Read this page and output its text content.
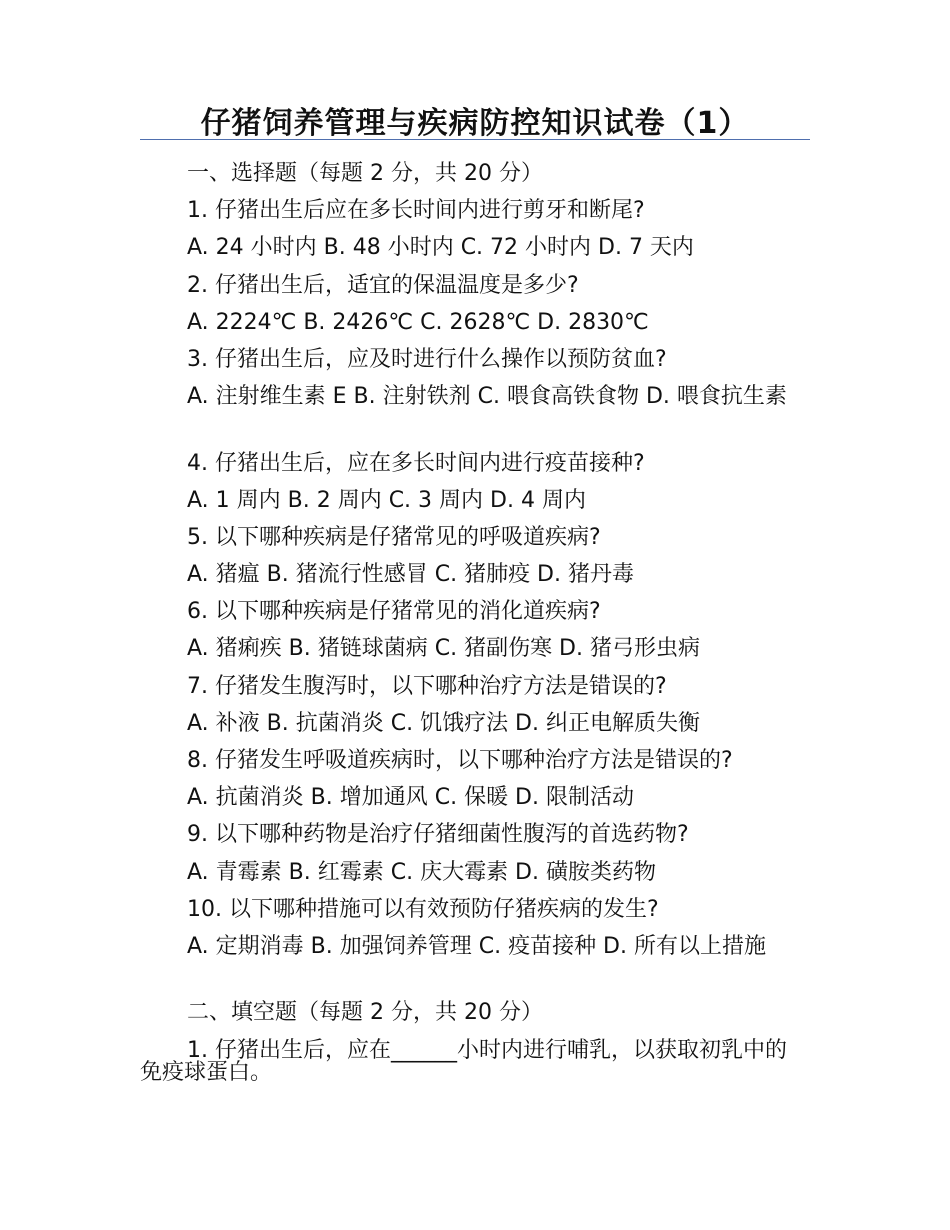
仔猪饲养管理与疾病防控知识试卷（1）

一、选择题（每题 2 分，共 20 分）

1. 仔猪出生后应在多长时间内进行剪牙和断尾?

A. 24 小时内 B. 48 小时内 C. 72 小时内 D. 7 天内

2. 仔猪出生后，适宜的保温温度是多少?

A. 2224℃ B. 2426℃ C. 2628℃ D. 2830℃

3. 仔猪出生后，应及时进行什么操作以预防贫血?

A. 注射维生素 E B. 注射铁剂 C. 喂食高铁食物 D. 喂食抗生素

4. 仔猪出生后，应在多长时间内进行疫苗接种?

A. 1 周内 B. 2 周内 C. 3 周内 D. 4 周内

5. 以下哪种疾病是仔猪常见的呼吸道疾病?

A. 猪瘟 B. 猪流行性感冒 C. 猪肺疫 D. 猪丹毒

6. 以下哪种疾病是仔猪常见的消化道疾病?

A. 猪痢疾 B. 猪链球菌病 C. 猪副伤寒 D. 猪弓形虫病

7. 仔猪发生腹泻时，以下哪种治疗方法是错误的?

A. 补液 B. 抗菌消炎 C. 饥饿疗法 D. 纠正电解质失衡

8. 仔猪发生呼吸道疾病时，以下哪种治疗方法是错误的?

A. 抗菌消炎 B. 增加通风 C. 保暖 D. 限制活动

9. 以下哪种药物是治疗仔猪细菌性腹泻的首选药物?

A. 青霉素 B. 红霉素 C. 庆大霉素 D. 磺胺类药物

10. 以下哪种措施可以有效预防仔猪疾病的发生?

A. 定期消毒 B. 加强饲养管理 C. 疫苗接种 D. 所有以上措施

二、填空题（每题 2 分，共 20 分）

1. 仔猪出生后，应在______小时内进行哺乳，以获取初乳中的免疫球蛋白。
